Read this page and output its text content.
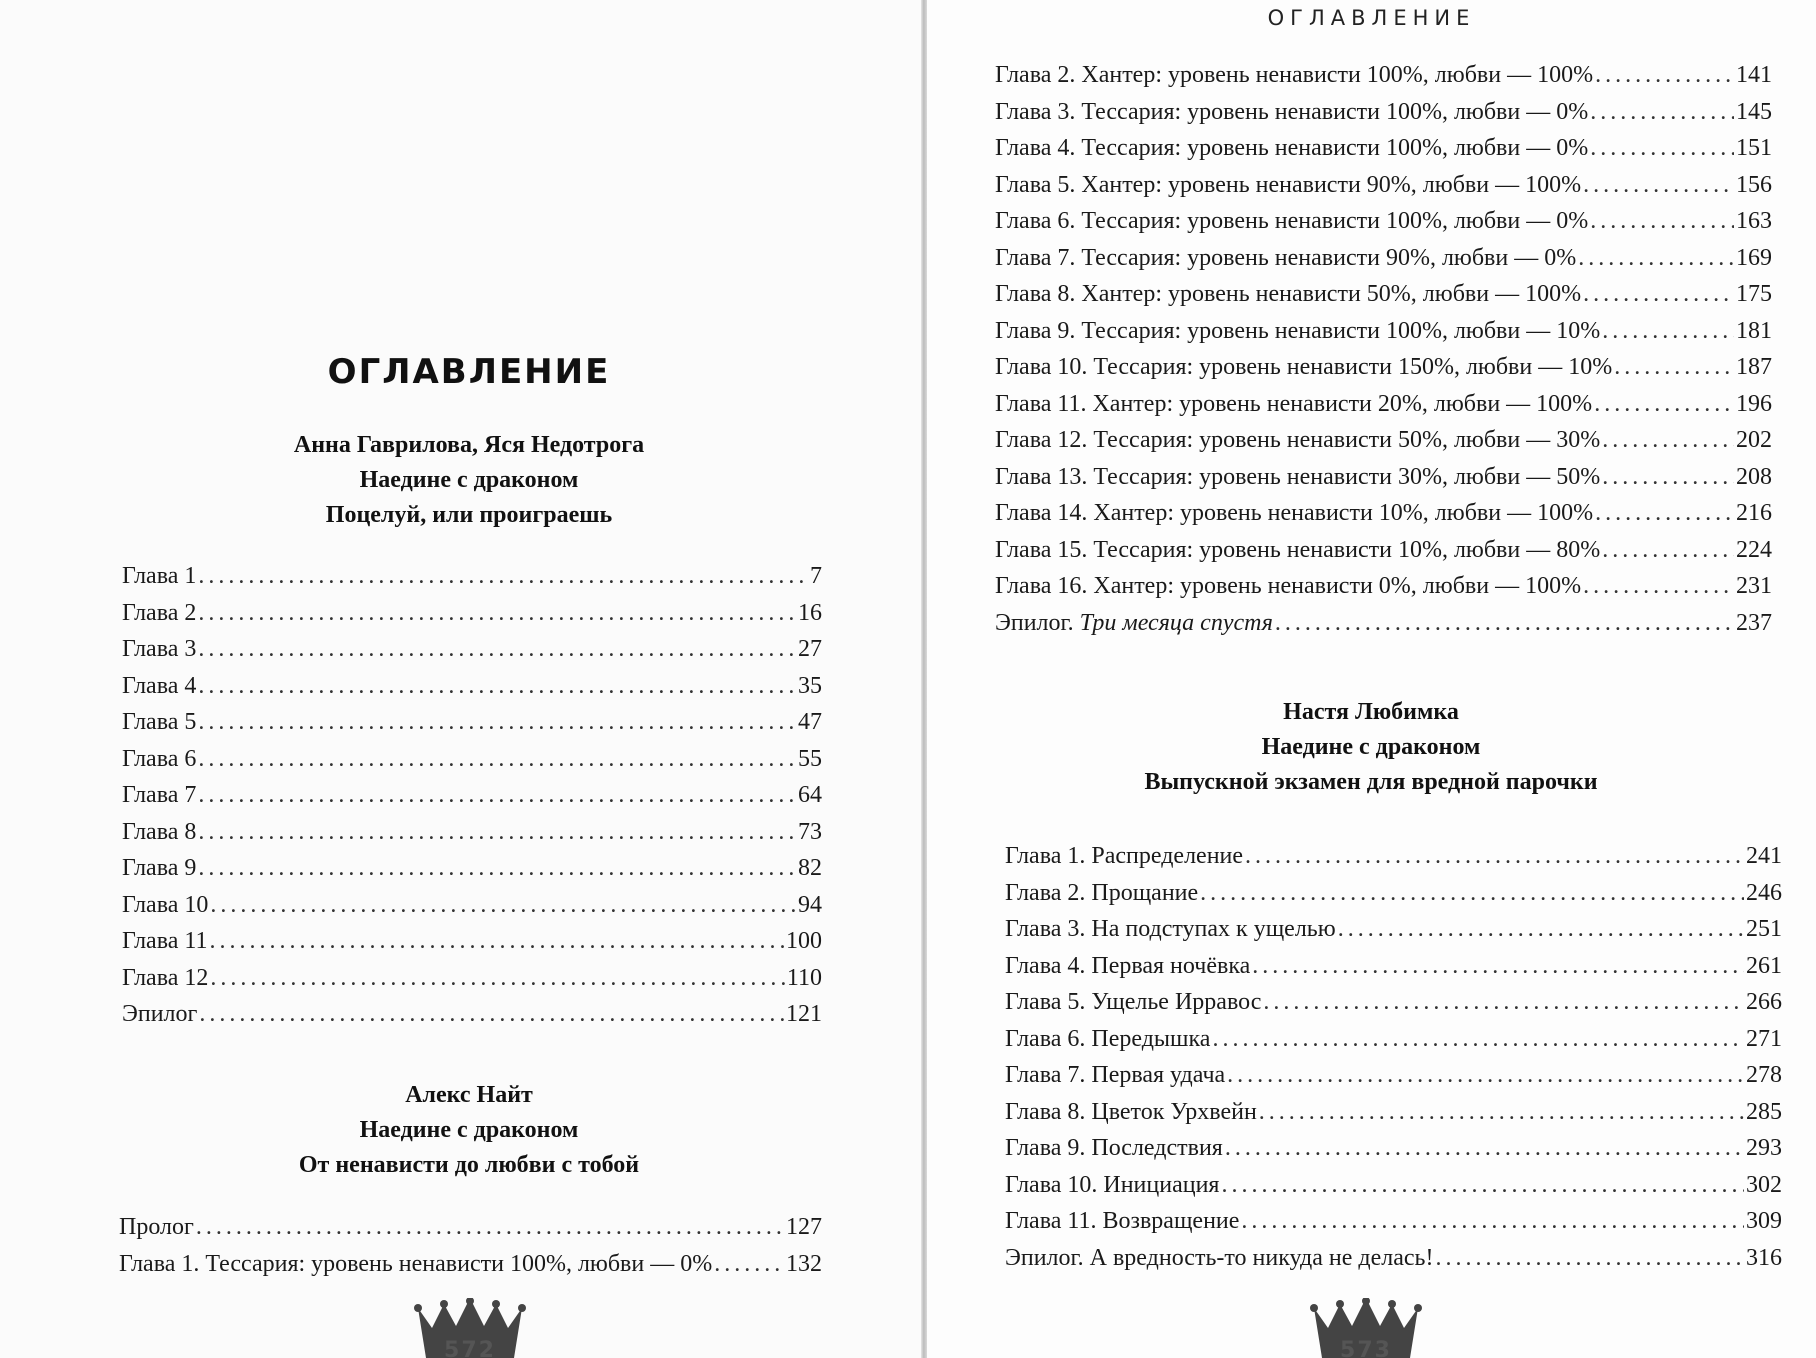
ОГЛАВЛЕНИЕ
Анна Гаврилова, Яся Недотрога
Наедине с драконом
Поцелуй, или проиграешь
Глава 1 . . .	7
Глава 2 . . .	16
Глава 3 . . .	27
Глава 4 . . .	35
Глава 5 . . .	47
Глава 6 . . .	55
Глава 7 . . .	64
Глава 8 . . .	73
Глава 9 . . .	82
Глава 10 . . .	94
Глава 11 . . .	100
Глава 12 . . .	110
Эпилог . . .	121
Алекс Найт
Наедине с драконом
От ненависти до любви с тобой
Пролог . . .	127
Глава 1. Тессария: уровень ненависти 100%, любви — 0% . . .	132
572
ОГЛАВЛЕНИЕ
Глава 2. Хантер: уровень ненависти 100%, любви — 100% . . .	141
Глава 3. Тессария: уровень ненависти 100%, любви — 0% . . .	145
Глава 4. Тессария: уровень ненависти 100%, любви — 0% . . .	151
Глава 5. Хантер: уровень ненависти 90%, любви — 100% . . .	156
Глава 6. Тессария: уровень ненависти 100%, любви — 0% . . .	163
Глава 7. Тессария: уровень ненависти 90%, любви — 0% . . .	169
Глава 8. Хантер: уровень ненависти 50%, любви — 100% . . .	175
Глава 9. Тессария: уровень ненависти 100%, любви — 10% . . .	181
Глава 10. Тессария: уровень ненависти 150%, любви — 10% . . .	187
Глава 11. Хантер: уровень ненависти 20%, любви — 100% . . .	196
Глава 12. Тессария: уровень ненависти 50%, любви — 30% . . .	202
Глава 13. Тессария: уровень ненависти 30%, любви — 50% . . .	208
Глава 14. Хантер: уровень ненависти 10%, любви — 100% . . .	216
Глава 15. Тессария: уровень ненависти 10%, любви — 80% . . .	224
Глава 16. Хантер: уровень ненависти 0%, любви — 100% . . .	231
Эпилог. Три месяца спустя . . .	237
Настя Любимка
Наедине с драконом
Выпускной экзамен для вредной парочки
Глава 1. Распределение . . .	241
Глава 2. Прощание . . .	246
Глава 3. На подступах к ущелью . . .	251
Глава 4. Первая ночёвка . . .	261
Глава 5. Ущелье Ирравос . . .	266
Глава 6. Передышка . . .	271
Глава 7. Первая удача . . .	278
Глава 8. Цветок Урхвейн . . .	285
Глава 9. Последствия . . .	293
Глава 10. Инициация . . .	302
Глава 11. Возвращение . . .	309
Эпилог. А вредность-то никуда не делась! . . .	316
573
